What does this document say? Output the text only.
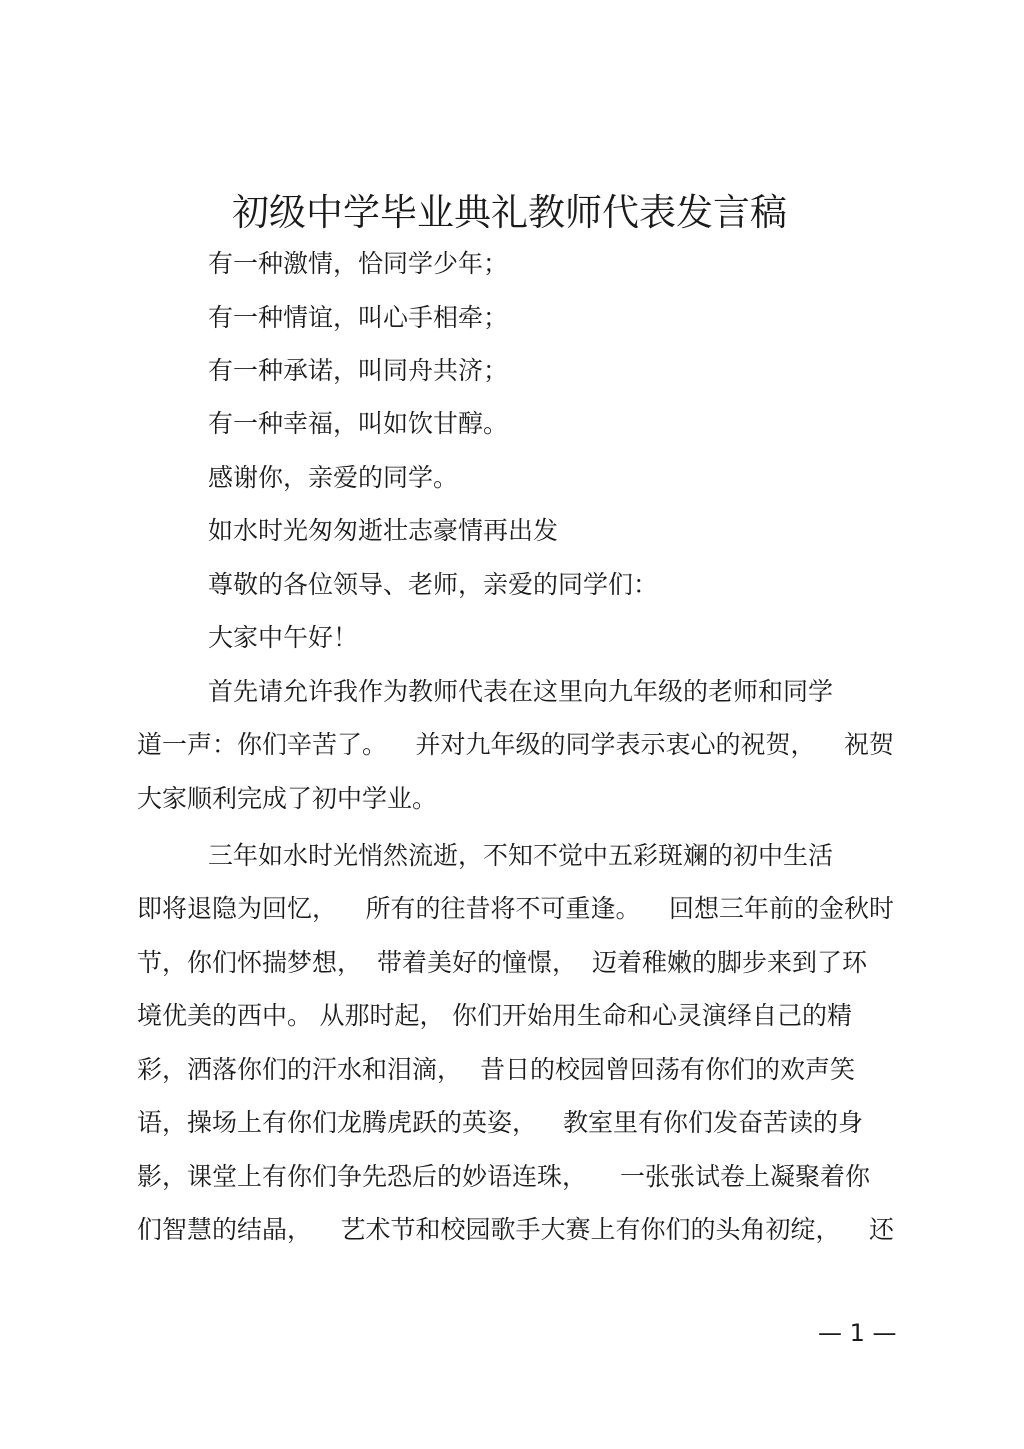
初级中学毕业典礼教师代表发言稿
有一种激情，恰同学少年；
有一种情谊，叫心手相牵；
有一种承诺，叫同舟共济；
有一种幸福，叫如饮甘醇。
感谢你，亲爱的同学。
如水时光匆匆逝壮志豪情再出发
尊敬的各位领导、老师，亲爱的同学们：
大家中午好！
首先请允许我作为教师代表在这里向九年级的老师和同学
道一声：你们辛苦了。 并对九年级的同学表示衷心的祝贺， 祝贺
大家顺利完成了初中学业。
三年如水时光悄然流逝，不知不觉中五彩斑斓的初中生活
即将退隐为回忆， 所有的往昔将不可重逢。 回想三年前的金秋时
节，你们怀揣梦想， 带着美好的憧憬， 迈着稚嫩的脚步来到了环
境优美的西中。 从那时起， 你们开始用生命和心灵演绎自己的精
彩，洒落你们的汗水和泪滴， 昔日的校园曾回荡有你们的欢声笑
语，操场上有你们龙腾虎跃的英姿， 教室里有你们发奋苦读的身
影，课堂上有你们争先恐后的妙语连珠， 一张张试卷上凝聚着你
们智慧的结晶， 艺术节和校园歌手大赛上有你们的头角初绽， 还
— 1 —
